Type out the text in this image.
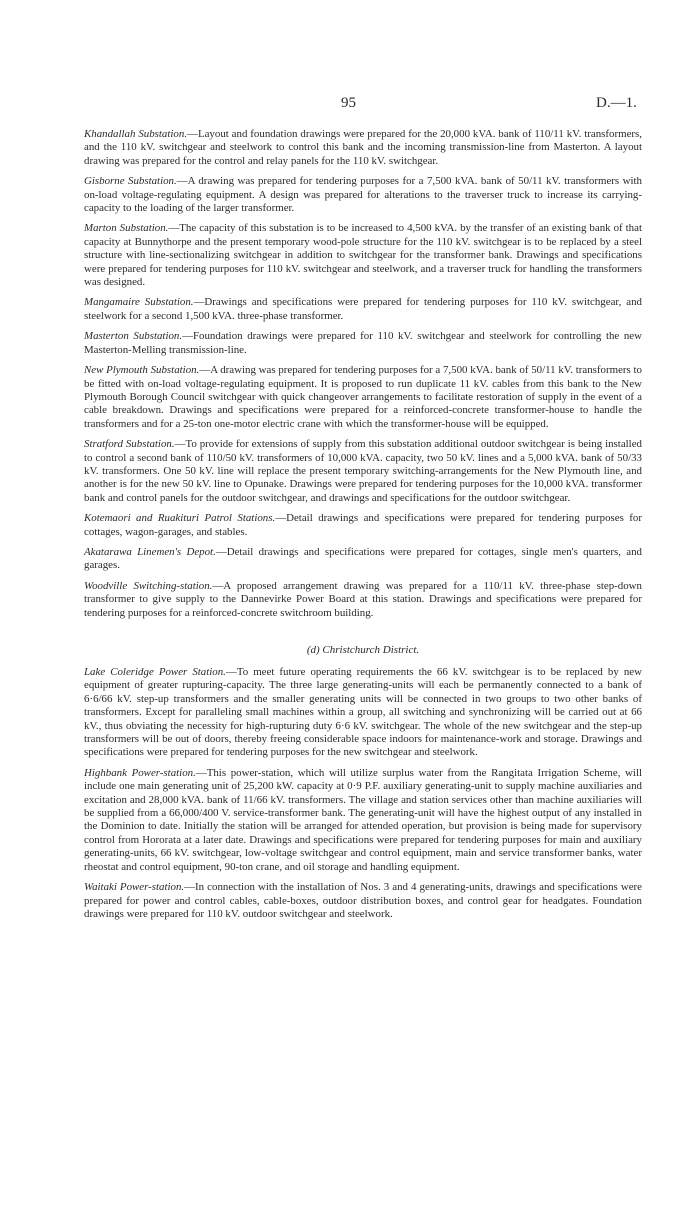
95	D.—1.

Khandallah Substation.—Layout and foundation drawings were prepared for the 20,000 kVA. bank of 110/11 kV. transformers, and the 110 kV. switchgear and steelwork to control this bank and the incoming transmission-line from Masterton. A layout drawing was prepared for the control and relay panels for the 110 kV. switchgear.

Gisborne Substation.—A drawing was prepared for tendering purposes for a 7,500 kVA. bank of 50/11 kV. transformers with on-load voltage-regulating equipment. A design was prepared for alterations to the traverser truck to increase its carrying-capacity to the loading of the larger transformer.

Marton Substation.—The capacity of this substation is to be increased to 4,500 kVA. by the transfer of an existing bank of that capacity at Bunnythorpe and the present temporary wood-pole structure for the 110 kV. switchgear is to be replaced by a steel structure with line-sectionalizing switchgear in addition to switchgear for the transformer bank. Drawings and specifications were prepared for tendering purposes for 110 kV. switchgear and steelwork, and a traverser truck for handling the transformers was designed.

Mangamaire Substation.—Drawings and specifications were prepared for tendering purposes for 110 kV. switchgear, and steelwork for a second 1,500 kVA. three-phase transformer.

Masterton Substation.—Foundation drawings were prepared for 110 kV. switchgear and steelwork for controlling the new Masterton-Melling transmission-line.

New Plymouth Substation.—A drawing was prepared for tendering purposes for a 7,500 kVA. bank of 50/11 kV. transformers to be fitted with on-load voltage-regulating equipment. It is proposed to run duplicate 11 kV. cables from this bank to the New Plymouth Borough Council switchgear with quick changeover arrangements to facilitate restoration of supply in the event of a cable breakdown. Drawings and specifications were prepared for a reinforced-concrete transformer-house to handle the transformers and for a 25-ton one-motor electric crane with which the transformer-house will be equipped.

Stratford Substation.—To provide for extensions of supply from this substation additional outdoor switchgear is being installed to control a second bank of 110/50 kV. transformers of 10,000 kVA. capacity, two 50 kV. lines and a 5,000 kVA. bank of 50/33 kV. transformers. One 50 kV. line will replace the present temporary switching-arrangements for the New Plymouth line, and another is for the new 50 kV. line to Opunake. Drawings were prepared for tendering purposes for the 10,000 kVA. transformer bank and control panels for the outdoor switchgear, and drawings and specifications for the outdoor switchgear.

Kotemaori and Ruakituri Patrol Stations.—Detail drawings and specifications were prepared for tendering purposes for cottages, wagon-garages, and stables.

Akatarawa Linemen's Depot.—Detail drawings and specifications were prepared for cottages, single men's quarters, and garages.

Woodville Switching-station.—A proposed arrangement drawing was prepared for a 110/11 kV. three-phase step-down transformer to give supply to the Dannevirke Power Board at this station. Drawings and specifications were prepared for tendering purposes for a reinforced-concrete switchroom building.

(d) Christchurch District.

Lake Coleridge Power Station.—To meet future operating requirements the 66 kV. switchgear is to be replaced by new equipment of greater rupturing-capacity. The three large generating-units will each be permanently connected to a bank of 6·6/66 kV. step-up transformers and the smaller generating units will be connected in two groups to two other banks of transformers. Except for paralleling small machines within a group, all switching and synchronizing will be carried out at 66 kV., thus obviating the necessity for high-rupturing duty 6·6 kV. switchgear. The whole of the new switchgear and the step-up transformers will be out of doors, thereby freeing considerable space indoors for maintenance-work and storage. Drawings and specifications were prepared for tendering purposes for the new switchgear and steelwork.

Highbank Power-station.—This power-station, which will utilize surplus water from the Rangitata Irrigation Scheme, will include one main generating unit of 25,200 kW. capacity at 0·9 P.F. auxiliary generating-unit to supply machine auxiliaries and excitation and 28,000 kVA. bank of 11/66 kV. transformers. The village and station services other than machine auxiliaries will be supplied from a 66,000/400 V. service-transformer bank. The generating-unit will have the highest output of any installed in the Dominion to date. Initially the station will be arranged for attended operation, but provision is being made for supervisory control from Hororata at a later date. Drawings and specifications were prepared for tendering purposes for main and auxiliary generating-units, 66 kV. switchgear, low-voltage switchgear and control equipment, main and service transformer banks, water rheostat and control equipment, 90-ton crane, and oil storage and handling equipment.

Waitaki Power-station.—In connection with the installation of Nos. 3 and 4 generating-units, drawings and specifications were prepared for power and control cables, cable-boxes, outdoor distribution boxes, and control gear for headgates. Foundation drawings were prepared for 110 kV. outdoor switchgear and steelwork.
